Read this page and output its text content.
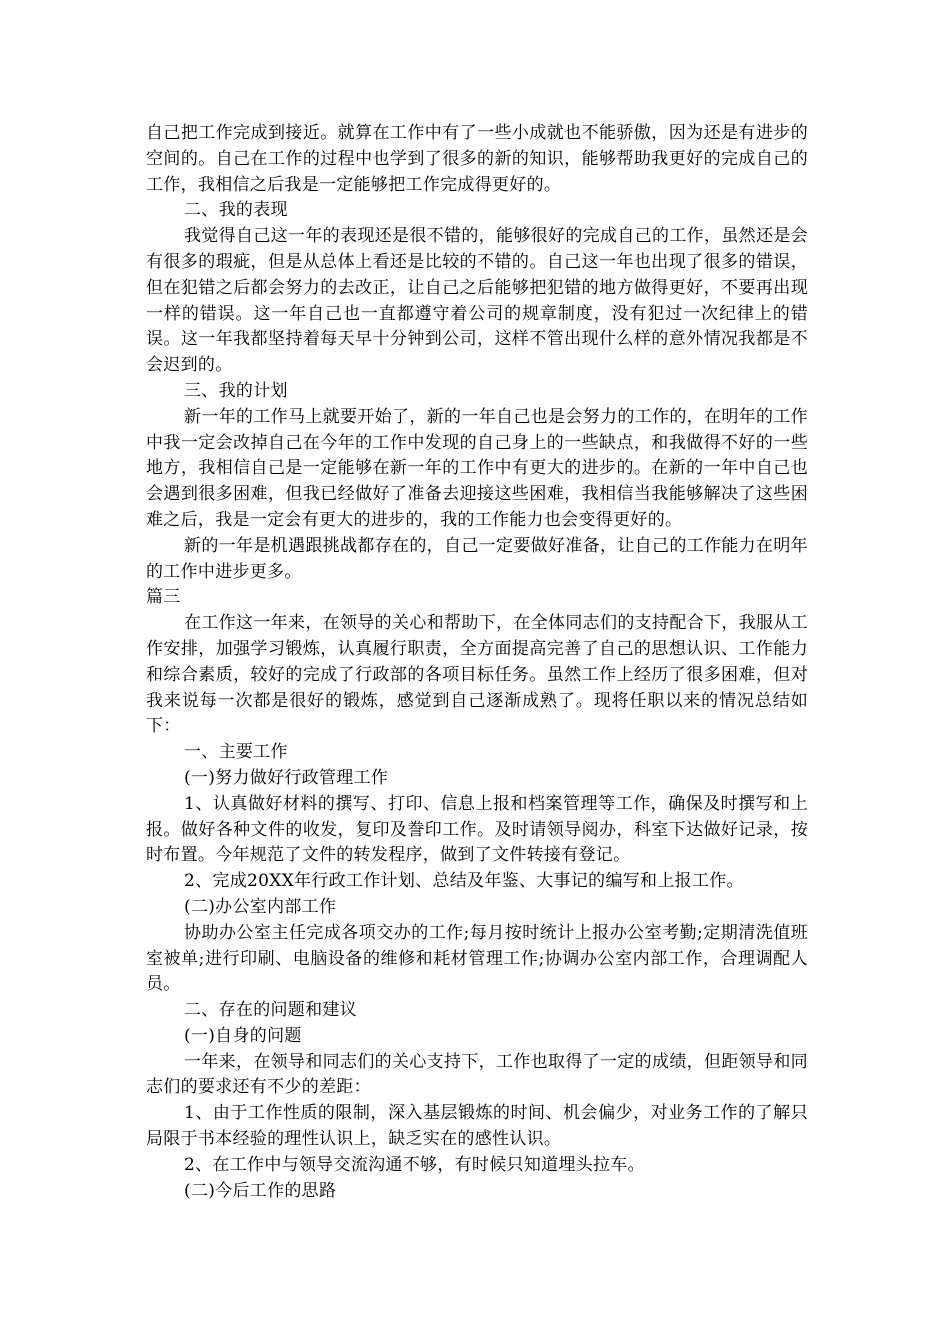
自己把工作完成到接近。就算在工作中有了一些小成就也不能骄傲，因为还是有进步的空间的。自己在工作的过程中也学到了很多的新的知识，能够帮助我更好的完成自己的工作，我相信之后我是一定能够把工作完成得更好的。

二、我的表现

我觉得自己这一年的表现还是很不错的，能够很好的完成自己的工作，虽然还是会有很多的瑕疵，但是从总体上看还是比较的不错的。自己这一年也出现了很多的错误，但在犯错之后都会努力的去改正，让自己之后能够把犯错的地方做得更好，不要再出现一样的错误。这一年自己也一直都遵守着公司的规章制度，没有犯过一次纪律上的错误。这一年我都坚持着每天早十分钟到公司，这样不管出现什么样的意外情况我都是不会迟到的。

三、我的计划

新一年的工作马上就要开始了，新的一年自己也是会努力的工作的，在明年的工作中我一定会改掉自己在今年的工作中发现的自己身上的一些缺点，和我做得不好的一些地方，我相信自己是一定能够在新一年的工作中有更大的进步的。在新的一年中自己也会遇到很多困难，但我已经做好了准备去迎接这些困难，我相信当我能够解决了这些困难之后，我是一定会有更大的进步的，我的工作能力也会变得更好的。

新的一年是机遇跟挑战都存在的，自己一定要做好准备，让自己的工作能力在明年的工作中进步更多。

篇三

在工作这一年来，在领导的关心和帮助下，在全体同志们的支持配合下，我服从工作安排，加强学习锻炼，认真履行职责，全方面提高完善了自己的思想认识、工作能力和综合素质，较好的完成了行政部的各项目标任务。虽然工作上经历了很多困难，但对我来说每一次都是很好的锻炼，感觉到自己逐渐成熟了。现将任职以来的情况总结如下：

一、主要工作

(一)努力做好行政管理工作

1、认真做好材料的撰写、打印、信息上报和档案管理等工作，确保及时撰写和上报。做好各种文件的收发，复印及誊印工作。及时请领导阅办，科室下达做好记录，按时布置。今年规范了文件的转发程序，做到了文件转接有登记。

2、完成20XX年行政工作计划、总结及年鉴、大事记的编写和上报工作。

(二)办公室内部工作

协助办公室主任完成各项交办的工作;每月按时统计上报办公室考勤;定期清洗值班室被单;进行印刷、电脑设备的维修和耗材管理工作;协调办公室内部工作，合理调配人员。

二、存在的问题和建议

(一)自身的问题

一年来，在领导和同志们的关心支持下，工作也取得了一定的成绩，但距领导和同志们的要求还有不少的差距：

1、由于工作性质的限制，深入基层锻炼的时间、机会偏少，对业务工作的了解只局限于书本经验的理性认识上，缺乏实在的感性认识。

2、在工作中与领导交流沟通不够，有时候只知道埋头拉车。

(二)今后工作的思路
